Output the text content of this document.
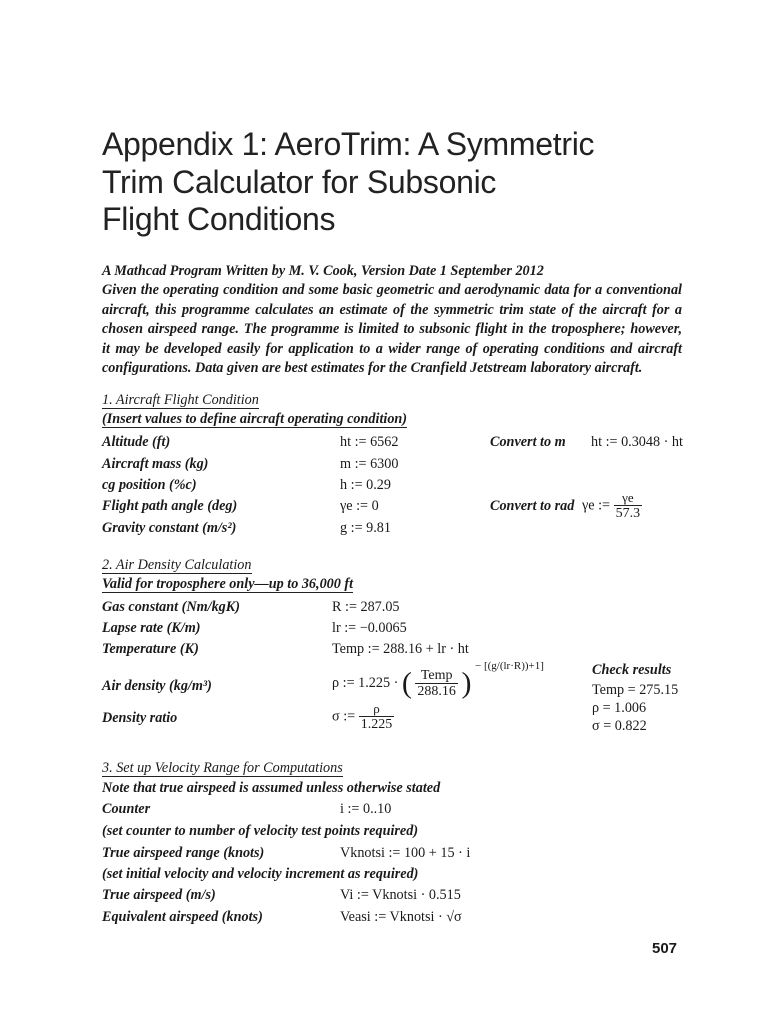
Appendix 1: AeroTrim: A Symmetric
Trim Calculator for Subsonic
Flight Conditions
A Mathcad Program Written by M. V. Cook, Version Date 1 September 2012
Given the operating condition and some basic geometric and aerodynamic data for a conventional
aircraft, this programme calculates an estimate of the symmetric trim state of the aircraft for a
chosen airspeed range. The programme is limited to subsonic flight in the troposphere; however,
it may be developed easily for application to a wider range of operating conditions and aircraft
configurations. Data given are best estimates for the Cranfield Jetstream laboratory aircraft.
1. Aircraft Flight Condition
(Insert values to define aircraft operating condition)
Altitude (ft)	ht := 6562	Convert to m ht := 0.3048 · ht
Aircraft mass (kg)	m := 6300
cg position (%c)	h := 0.29
Flight path angle (deg)	γe := 0	Convert to rad γe := $\frac{\gamma e}{57.3}$
Gravity constant (m/s²)	g := 9.81
2. Air Density Calculation
Valid for troposphere only—up to 36,000 ft
Gas constant (Nm/kgK)	R := 287.05
Lapse rate (K/m)	lr := −0.0065
Temperature (K)	Temp := 288.16 + lr · ht
Air density (kg/m³)	ρ := 1.225 · ( $\frac{\text{Temp}}{288.16}$ ) $^{- [(g/(lr\cdot R))+1]}$
Density ratio	σ := $\frac{\rho}{1.225}$
Check results
Temp = 275.15
ρ = 1.006
σ = 0.822
3. Set up Velocity Range for Computations
Note that true airspeed is assumed unless otherwise stated
Counter	i := 0..10
(set counter to number of velocity test points required)
True airspeed range (knots)	Vknotsi := 100 + 15 · i
(set initial velocity and velocity increment as required)
True airspeed (m/s)	Vi := Vknotsi · 0.515
Equivalent airspeed (knots)	Veasi := Vknotsi · √σ
507
